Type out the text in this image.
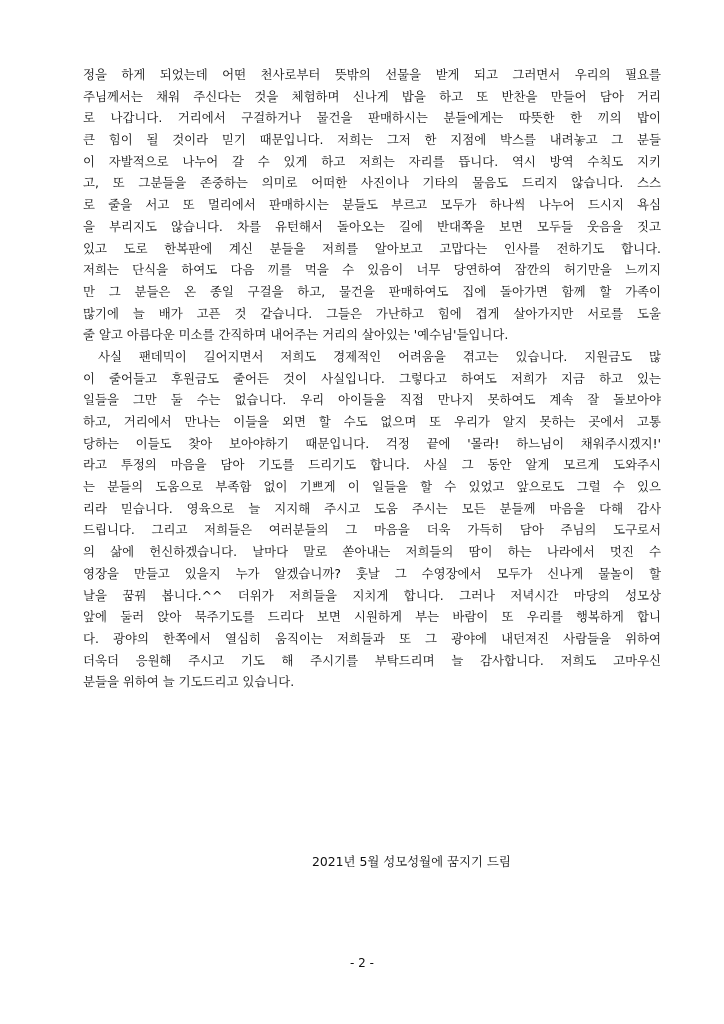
정을 하게 되었는데 어떤 천사로부터 뜻밖의 선물을 받게 되고 그러면서 우리의 필요를
주님께서는 채워 주신다는 것을 체험하며 신나게 밥을 하고 또 반찬을 만들어 담아 거리
로 나갑니다. 거리에서 구걸하거나 물건을 판매하시는 분들에게는 따뜻한 한 끼의 밥이
큰 힘이 될 것이라 믿기 때문입니다. 저희는 그저 한 지점에 박스를 내려놓고 그 분들
이 자발적으로 나누어 갈 수 있게 하고 저희는 자리를 뜹니다. 역시 방역 수칙도 지키
고, 또 그분들을 존중하는 의미로 어떠한 사진이나 기타의 물음도 드리지 않습니다. 스스
로 줄을 서고 또 멀리에서 판매하시는 분들도 부르고 모두가 하나씩 나누어 드시지 욕심
을 부리지도 않습니다. 차를 유턴해서 돌아오는 길에 반대쪽을 보면 모두들 웃음을 짓고
있고 도로 한복판에 계신 분들을 저희를 알아보고 고맙다는 인사를 전하기도 합니다.
저희는 단식을 하여도 다음 끼를 먹을 수 있음이 너무 당연하여 잠깐의 허기만을 느끼지
만 그 분들은 온 종일 구걸을 하고, 물건을 판매하여도 집에 돌아가면 함께 할 가족이
많기에 늘 배가 고픈 것 같습니다. 그들은 가난하고 힘에 겹게 살아가지만 서로를 도울
줄 알고 아름다운 미소를 간직하며 내어주는 거리의 살아있는 '예수님'들입니다.
사실 팬데믹이 길어지면서 저희도 경제적인 어려움을 겪고는 있습니다. 지원금도 많
이 줄어들고 후원금도 줄어든 것이 사실입니다. 그렇다고 하여도 저희가 지금 하고 있는
일들을 그만 둘 수는 없습니다. 우리 아이들을 직접 만나지 못하여도 계속 잘 돌보아야
하고, 거리에서 만나는 이들을 외면 할 수도 없으며 또 우리가 알지 못하는 곳에서 고통
당하는 이들도 찾아 보아야하기 때문입니다. 걱정 끝에 '몰라! 하느님이 채워주시겠지!'
라고 투정의 마음을 담아 기도를 드리기도 합니다. 사실 그 동안 알게 모르게 도와주시
는 분들의 도움으로 부족함 없이 기쁘게 이 일들을 할 수 있었고 앞으로도 그럴 수 있으
리라 믿습니다. 영육으로 늘 지지해 주시고 도움 주시는 모든 분들께 마음을 다해 감사
드립니다. 그리고 저희들은 여러분들의 그 마음을 더욱 가득히 담아 주님의 도구로서
의 삶에 헌신하겠습니다. 날마다 말로 쏟아내는 저희들의 땀이 하는 나라에서 멋진 수
영장을 만들고 있을지 누가 알겠습니까? 훗날 그 수영장에서 모두가 신나게 물놀이 할
날을 꿈꿔 봅니다.^^ 더위가 저희들을 지치게 합니다. 그러나 저녁시간 마당의 성모상
앞에 둘러 앉아 묵주기도를 드리다 보면 시원하게 부는 바람이 또 우리를 행복하게 합니
다. 광야의 한쪽에서 열심히 움직이는 저희들과 또 그 광야에 내던져진 사람들을 위하여
더욱더 응원해 주시고 기도 해 주시기를 부탁드리며 늘 감사합니다. 저희도 고마우신
분들을 위하여 늘 기도드리고 있습니다.
2021년 5월 성모성월에 꿈지기 드림
- 2 -
